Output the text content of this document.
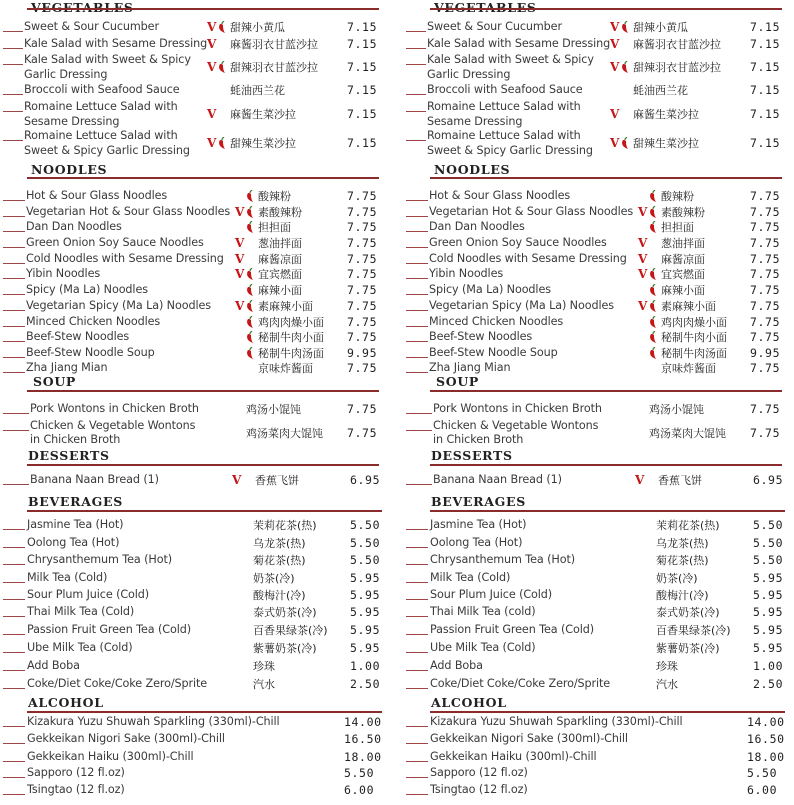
Sweet & Sour Cucumber	V 甜辣小黄瓜	7.15
Kale Salad with Sesame Dressing V 麻酱羽衣甘蓝沙拉	7.15
Kale Salad with Sweet & Spicy
Garlic Dressing
V 甜辣羽衣甘蓝沙拉	7.15
Broccoli with Seafood Sauce	蚝油西兰花	7.15
Romaine Lettuce Salad with
Sesame Dressing
V 麻酱生菜沙拉	7.15
Romaine Lettuce Salad with
Sweet & Spicy Garlic Dressing
V 甜辣生菜沙拉	7.15
NOODLES
Hot & Sour Glass Noodles	酸辣粉	7.75
Vegetarian Hot & Sour Glass Noodles V 素酸辣粉	7.75
Dan Dan Noodles	担担面	7.75
Green Onion Soy Sauce Noodles	V 葱油拌面	7.75
Cold Noodles with Sesame Dressing V 麻酱凉面	7.75
Yibin Noodles	V 宜宾燃面	7.75
Spicy (Ma La) Noodles	麻辣小面	7.75
Vegetarian Spicy (Ma La) Noodles V 素麻辣小面	7.75
Minced Chicken Noodles	鸡肉肉燥小面 7.75
Beef-Stew Noodles	秘制牛肉小面 7.75
Beef-Stew Noodle Soup	秘制牛肉汤面 9.95
Zha Jiang Mian	京味炸酱面	7.75
SOUP
Pork Wontons in Chicken Broth	鸡汤小馄饨	7.75
Chicken & Vegetable Wontons
in Chicken Broth	鸡汤菜肉大馄饨 7.75
DESSERTS
Banana Naan Bread (1)	V 香蕉飞饼	6.95
BEVERAGES
Jasmine Tea (Hot)	茉莉花茶(热)	5.50
Oolong Tea (Hot)	乌龙茶(热)	5.50
Chrysanthemum Tea (Hot)	菊花茶(热)	5.50
Milk Tea (Cold)	奶茶(冷)	5.95
Sour Plum Juice (Cold)	酸梅汁(冷)	5.95
Thai Milk Tea (Cold)	泰式奶茶(冷)	5.95
Passion Fruit Green Tea (Cold)	百香果绿茶(冷) 5.95
Ube Milk Tea (Cold)	紫薯奶茶(冷)	5.95
Add Boba	珍珠	1.00
Coke/Diet Coke/Coke Zero/Sprite	汽水	2.50
ALCOHOL
Kizakura Yuzu Shuwah Sparkling (330ml)-Chill	14.00
Gekkeikan Nigori Sake (300ml)-Chill	16.50
Gekkeikan Haiku (300ml)-Chill	18.00
Sapporo (12 fl.oz)	5.50
Tsingtao (12 fl.oz)	6.00
Sweet & Sour Cucumber	V 甜辣小黄瓜	7.15
Kale Salad with Sesame Dressing V 麻酱羽衣甘蓝沙拉	7.15
Kale Salad with Sweet & Spicy
Garlic Dressing
V 甜辣羽衣甘蓝沙拉	7.15
Broccoli with Seafood Sauce	蚝油西兰花	7.15
Romaine Lettuce Salad with
Sesame Dressing
V 麻酱生菜沙拉	7.15
Romaine Lettuce Salad with
Sweet & Spicy Garlic Dressing
V 甜辣生菜沙拉	7.15
NOODLES
Hot & Sour Glass Noodles	酸辣粉	7.75
Vegetarian Hot & Sour Glass Noodles V 素酸辣粉	7.75
Dan Dan Noodles	担担面	7.75
Green Onion Soy Sauce Noodles	V 葱油拌面	7.75
Cold Noodles with Sesame Dressing V 麻酱凉面	7.75
Yibin Noodles	V 宜宾燃面	7.75
Spicy (Ma La) Noodles	麻辣小面	7.75
Vegetarian Spicy (Ma La) Noodles V 素麻辣小面	7.75
Minced Chicken Noodles	鸡肉肉燥小面 7.75
Beef-Stew Noodles	秘制牛肉小面 7.75
Beef-Stew Noodle Soup	秘制牛肉汤面 9.95
Zha Jiang Mian	京味炸酱面	7.75
SOUP
Pork Wontons in Chicken Broth	鸡汤小馄饨	7.75
Chicken & Vegetable Wontons
in Chicken Broth	鸡汤菜肉大馄饨 7.75
DESSERTS
Banana Naan Bread (1)	V 香蕉飞饼	6.95
BEVERAGES
Jasmine Tea (Hot)	茉莉花茶(热)	5.50
Oolong Tea (Hot)	乌龙茶(热)	5.50
Chrysanthemum Tea (Hot)	菊花茶(热)	5.50
Milk Tea (Cold)	奶茶(冷)	5.95
Sour Plum Juice (Cold)	酸梅汁(冷)	5.95
Thai Milk Tea (cold)	泰式奶茶(冷)	5.95
Passion Fruit Green Tea (Cold)	百香果绿茶(冷) 5.95
Ube Milk Tea (Cold)	紫薯奶茶(冷)	5.95
Add Boba	珍珠	1.00
Coke/Diet Coke/Coke Zero/Sprite	汽水	2.50
ALCOHOL
Kizakura Yuzu Shuwah Sparkling (330ml)-Chill	14.00
Gekkeikan Nigori Sake (300ml)-Chill	16.50
Gekkeikan Haiku (300ml)-Chill	18.00
Sapporo (12 fl.oz)	5.50
Tsingtao (12 fl.oz)	6.00
